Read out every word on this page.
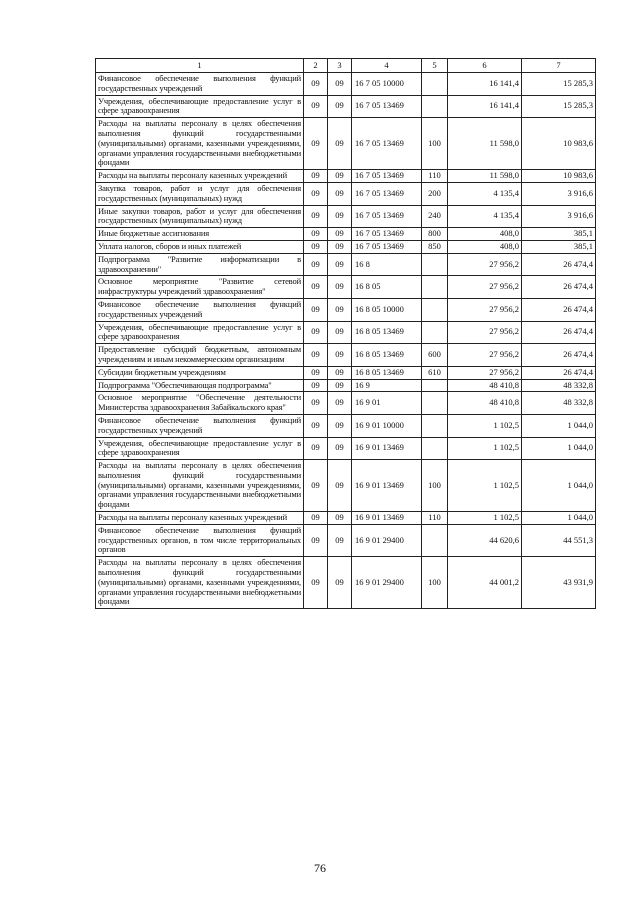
1	2	3	4	5	6	7
Финансовое обеспечение выполнения функций государственных учреждений	09	09	16 7 05 10000		16 141,4	15 285,3
Учреждения, обеспечивающие предоставление услуг в сфере здравоохранения	09	09	16 7 05 13469		16 141,4	15 285,3
Расходы на выплаты персоналу в целях обеспечения выполнения функций государственными (муниципальными) органами, казенными учреждениями, органами управления государственными внебюджетными фондами	09	09	16 7 05 13469	100	11 598,0	10 983,6
Расходы на выплаты персоналу казенных учреждений	09	09	16 7 05 13469	110	11 598,0	10 983,6
Закупка товаров, работ и услуг для обеспечения государственных (муниципальных) нужд	09	09	16 7 05 13469	200	4 135,4	3 916,6
Иные закупки товаров, работ и услуг для обеспечения государственных (муниципальных) нужд	09	09	16 7 05 13469	240	4 135,4	3 916,6
Иные бюджетные ассигнования	09	09	16 7 05 13469	800	408,0	385,1
Уплата налогов, сборов и иных платежей	09	09	16 7 05 13469	850	408,0	385,1
Подпрограмма "Развитие информатизации в здравоохранении"	09	09	16 8		27 956,2	26 474,4
Основное мероприятие "Развитие сетевой инфраструктуры учреждений здравоохранения"	09	09	16 8 05		27 956,2	26 474,4
Финансовое обеспечение выполнения функций государственных учреждений	09	09	16 8 05 10000		27 956,2	26 474,4
Учреждения, обеспечивающие предоставление услуг в сфере здравоохранения	09	09	16 8 05 13469		27 956,2	26 474,4
Предоставление субсидий бюджетным, автономным учреждениям и иным некоммерческим организациям	09	09	16 8 05 13469	600	27 956,2	26 474,4
Субсидии бюджетным учреждениям	09	09	16 8 05 13469	610	27 956,2	26 474,4
Подпрограмма "Обеспечивающая подпрограмма"	09	09	16 9		48 410,8	48 332,8
Основное мероприятие "Обеспечение деятельности Министерства здравоохранения Забайкальского края"	09	09	16 9 01		48 410,8	48 332,8
Финансовое обеспечение выполнения функций государственных учреждений	09	09	16 9 01 10000		1 102,5	1 044,0
Учреждения, обеспечивающие предоставление услуг в сфере здравоохранения	09	09	16 9 01 13469		1 102,5	1 044,0
Расходы на выплаты персоналу в целях обеспечения выполнения функций государственными (муниципальными) органами, казенными учреждениями, органами управления государственными внебюджетными фондами	09	09	16 9 01 13469	100	1 102,5	1 044,0
Расходы на выплаты персоналу казенных учреждений	09	09	16 9 01 13469	110	1 102,5	1 044,0
Финансовое обеспечение выполнения функций государственных органов, в том числе территориальных органов	09	09	16 9 01 29400		44 620,6	44 551,3
Расходы на выплаты персоналу в целях обеспечения выполнения функций государственными (муниципальными) органами, казенными учреждениями, органами управления государственными внебюджетными фондами	09	09	16 9 01 29400	100	44 001,2	43 931,9
76
